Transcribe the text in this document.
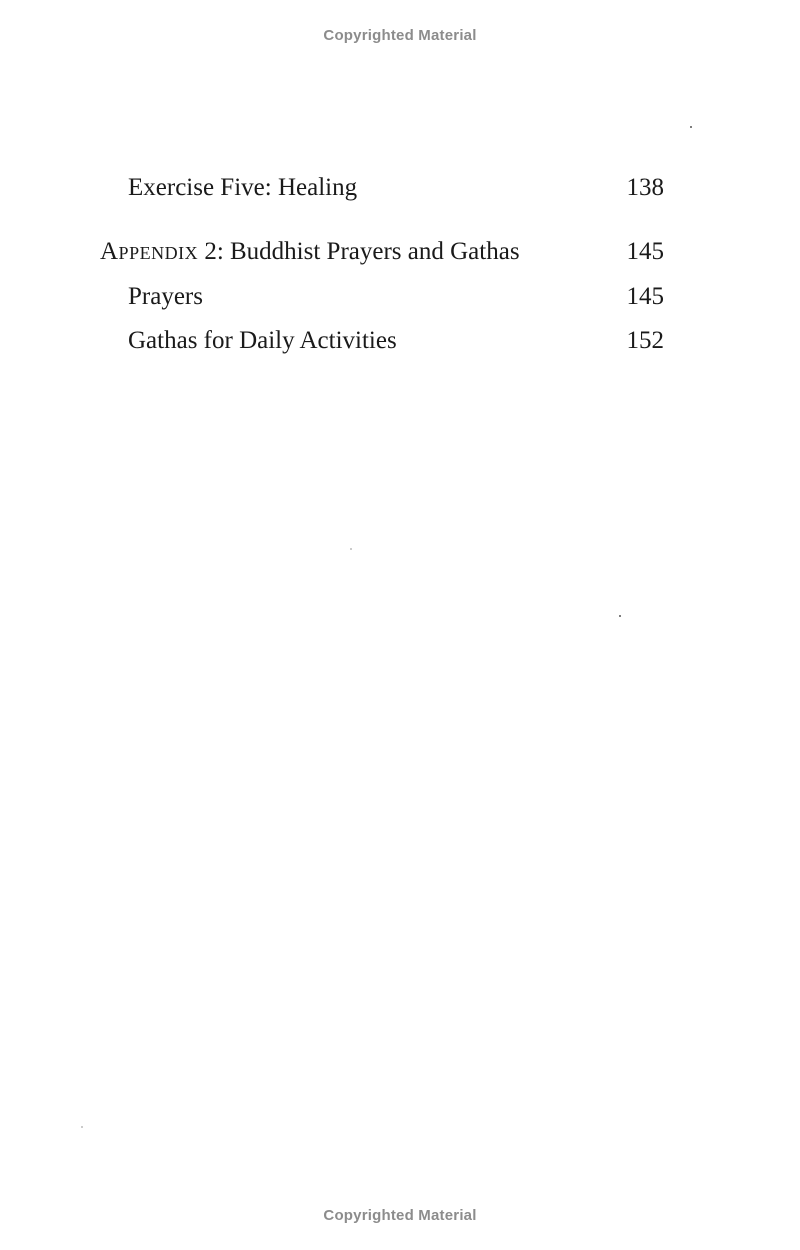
Copyrighted Material
Exercise Five: Healing	138
Appendix 2: Buddhist Prayers and Gathas	145
Prayers	145
Gathas for Daily Activities	152
Copyrighted Material
